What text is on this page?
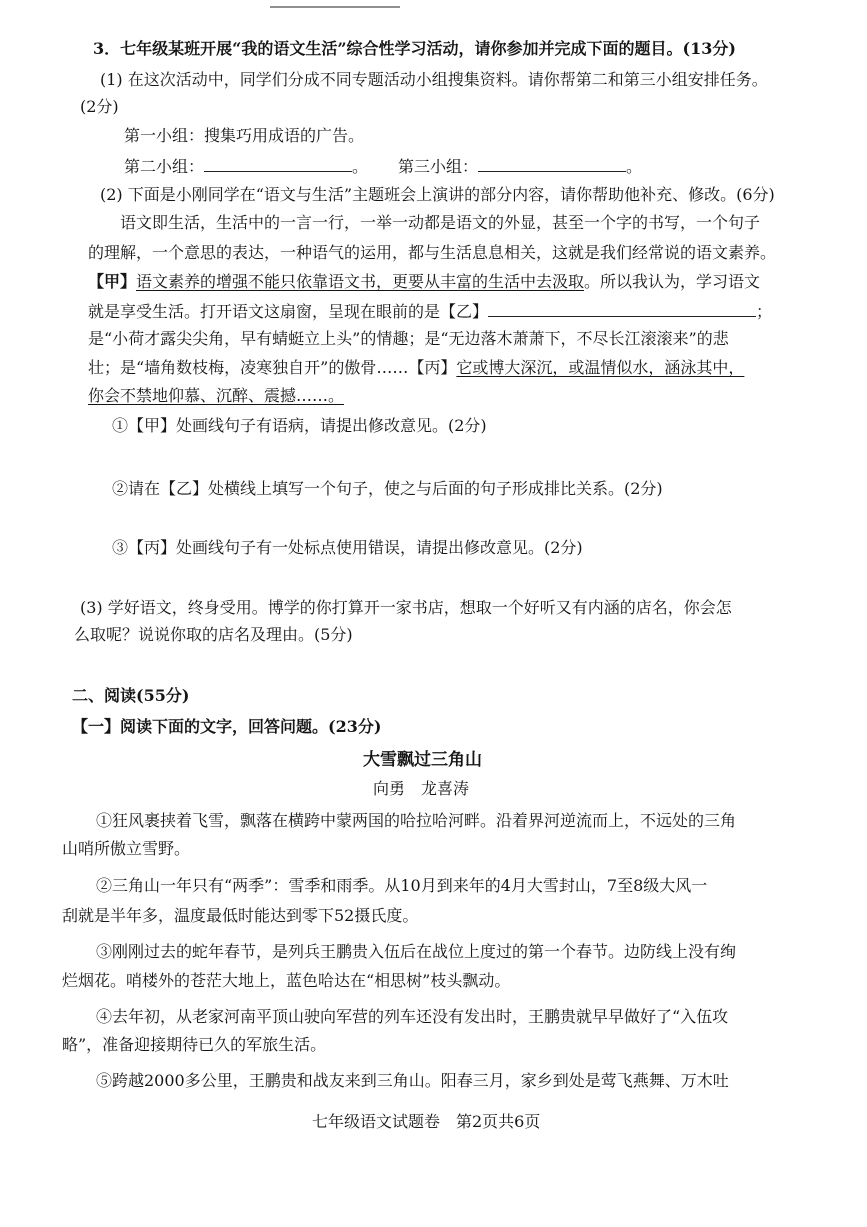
3．七年级某班开展“我的语文生活”综合性学习活动，请你参加并完成下面的题目。(13分)
(1) 在这次活动中，同学们分成不同专题活动小组搜集资料。请你帮第二和第三小组安排任务。
(2分)
第一小组：搜集巧用成语的广告。
第二小组：	。 第三小组：	。
(2) 下面是小刚同学在“语文与生活”主题班会上演讲的部分内容，请你帮助他补充、修改。(6分)
语文即生活，生活中的一言一行，一举一动都是语文的外显，甚至一个字的书写，一个句子
的理解，一个意思的表达，一种语气的运用，都与生活息息相关，这就是我们经常说的语文素养。
【甲】语文素养的增强不能只依靠语文书，更要从丰富的生活中去汲取。所以我认为，学习语文
就是享受生活。打开语文这扇窗，呈现在眼前的是【乙】	；
是“小荷才露尖尖角，早有蜻蜓立上头”的情趣；是“无边落木萧萧下，不尽长江滚滚来”的悲
壮；是“墙角数枝梅，凌寒独自开”的傲骨……【丙】它或博大深沉，或温情似水，涵泳其中，
你会不禁地仰慕、沉醉、震撼……。
①【甲】处画线句子有语病，请提出修改意见。(2分)
②请在【乙】处横线上填写一个句子，使之与后面的句子形成排比关系。(2分)
③【丙】处画线句子有一处标点使用错误，请提出修改意见。(2分)
(3) 学好语文，终身受用。博学的你打算开一家书店，想取一个好听又有内涵的店名，你会怎
么取呢？说说你取的店名及理由。(5分)
二、阅读(55分)
【一】阅读下面的文字，回答问题。(23分)
大雪飘过三角山
向勇　龙喜涛
①狂风裹挟着飞雪，飘落在横跨中蒙两国的哈拉哈河畔。沿着界河逆流而上，不远处的三角
山哨所傲立雪野。
②三角山一年只有“两季”：雪季和雨季。从10月到来年的4月大雪封山，7至8级大风一
刮就是半年多，温度最低时能达到零下52摄氏度。
③刚刚过去的蛇年春节，是列兵王鹏贵入伍后在战位上度过的第一个春节。边防线上没有绚
烂烟花。哨楼外的苍茫大地上，蓝色哈达在“相思树”枝头飘动。
④去年初，从老家河南平顶山驶向军营的列车还没有发出时，王鹏贵就早早做好了“入伍攻
略”，准备迎接期待已久的军旅生活。
⑤跨越2000多公里，王鹏贵和战友来到三角山。阳春三月，家乡到处是莺飞燕舞、万木吐
七年级语文试题卷　第2页共6页
